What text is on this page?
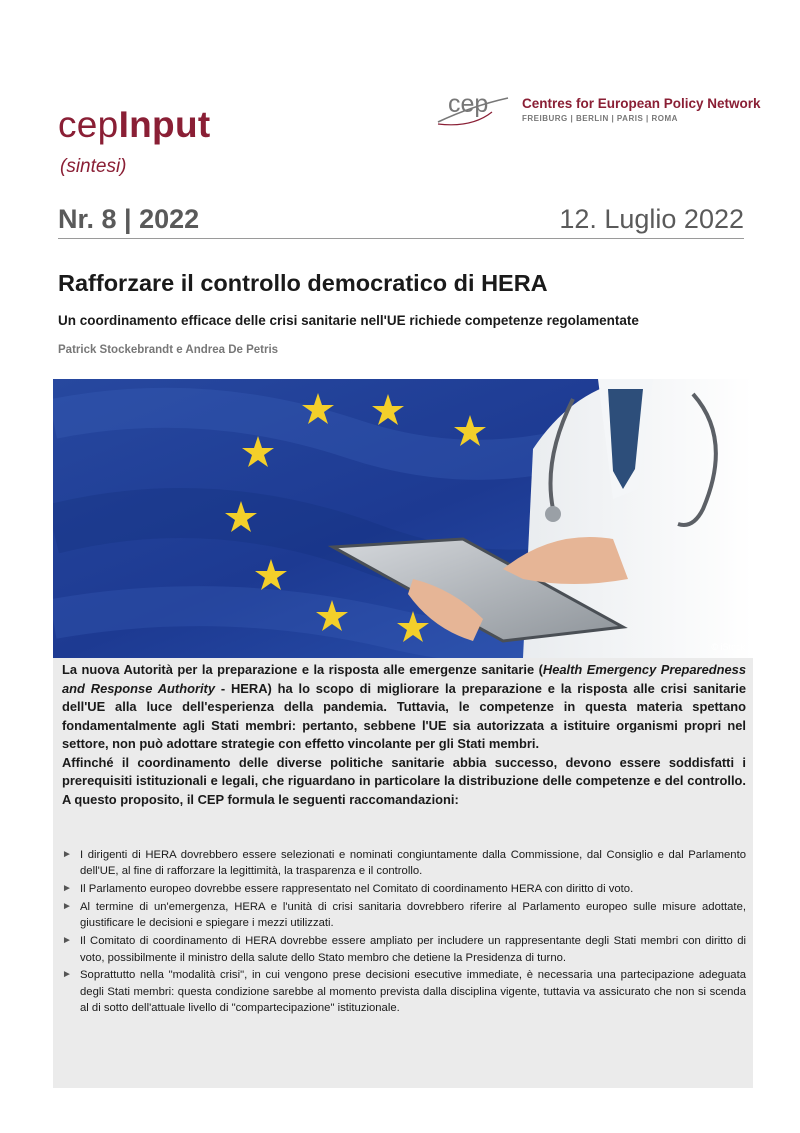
cepInput
(sintesi)
cep Centres for European Policy Network
FREIBURG | BERLIN | PARIS | ROMA
Nr. 8 | 2022	12. Luglio 2022
Rafforzare il controllo democratico di HERA
Un coordinamento efficace delle crisi sanitarie nell'UE richiede competenze regolamentate
Patrick Stockebrandt e Andrea De Petris
© iStock

La nuova Autorità per la preparazione e la risposta alle emergenze sanitarie (Health Emergency Preparedness and Response Authority - HERA) ha lo scopo di migliorare la preparazione e la risposta alle crisi sanitarie dell'UE alla luce dell'esperienza della pandemia. Tuttavia, le competenze in questa materia spettano fondamentalmente agli Stati membri: pertanto, sebbene l'UE sia autorizzata a istituire organismi propri nel settore, non può adottare strategie con effetto vincolante per gli Stati membri.

Affinché il coordinamento delle diverse politiche sanitarie abbia successo, devono essere soddisfatti i prerequisiti istituzionali e legali, che riguardano in particolare la distribuzione delle competenze e del controllo. A questo proposito, il CEP formula le seguenti raccomandazioni:

► I dirigenti di HERA dovrebbero essere selezionati e nominati congiuntamente dalla Commissione, dal Consiglio e dal Parlamento dell'UE, al fine di rafforzare la legittimità, la trasparenza e il controllo.
► Il Parlamento europeo dovrebbe essere rappresentato nel Comitato di coordinamento HERA con diritto di voto.
► Al termine di un'emergenza, HERA e l'unità di crisi sanitaria dovrebbero riferire al Parlamento europeo sulle misure adottate, giustificare le decisioni e spiegare i mezzi utilizzati.
► Il Comitato di coordinamento di HERA dovrebbe essere ampliato per includere un rappresentante degli Stati membri con diritto di voto, possibilmente il ministro della salute dello Stato membro che detiene la Presidenza di turno.
► Soprattutto nella "modalità crisi", in cui vengono prese decisioni esecutive immediate, è necessaria una partecipazione adeguata degli Stati membri: questa condizione sarebbe al momento prevista dalla disciplina vigente, tuttavia va assicurato che non si scenda al di sotto dell'attuale livello di "compartecipazione" istituzionale.
